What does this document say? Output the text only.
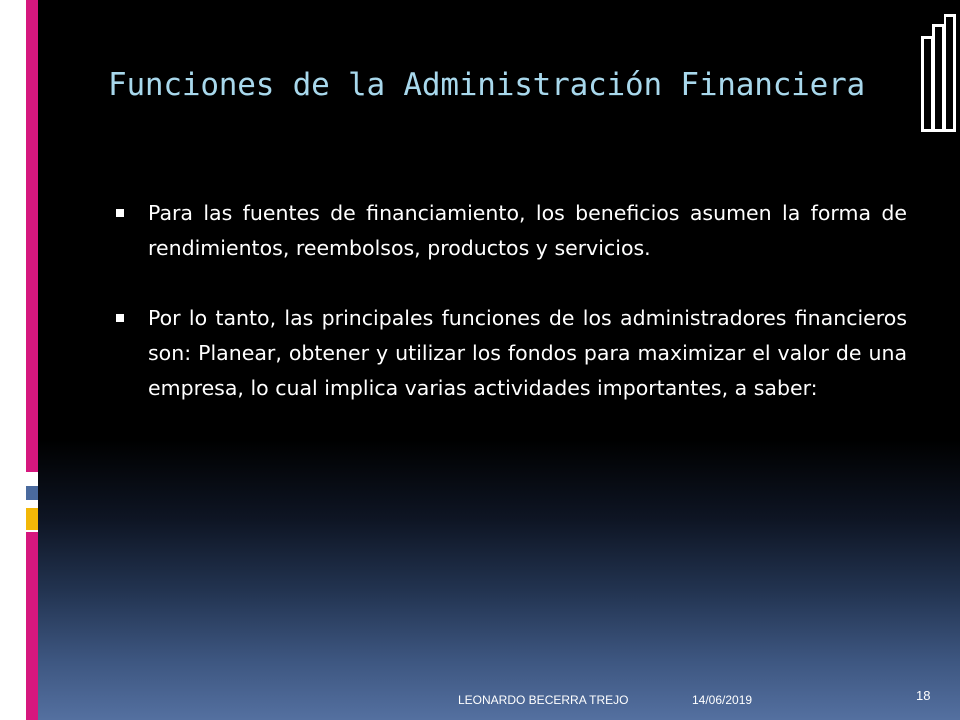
Funciones de la Administración Financiera

Para las fuentes de financiamiento, los beneficios asumen la forma de rendimientos, reembolsos, productos y servicios.

Por lo tanto, las principales funciones de los administradores financieros son: Planear, obtener y utilizar los fondos para maximizar el valor de una empresa, lo cual implica varias actividades importantes, a saber:

LEONARDO BECERRA TREJO	14/06/2019	18
